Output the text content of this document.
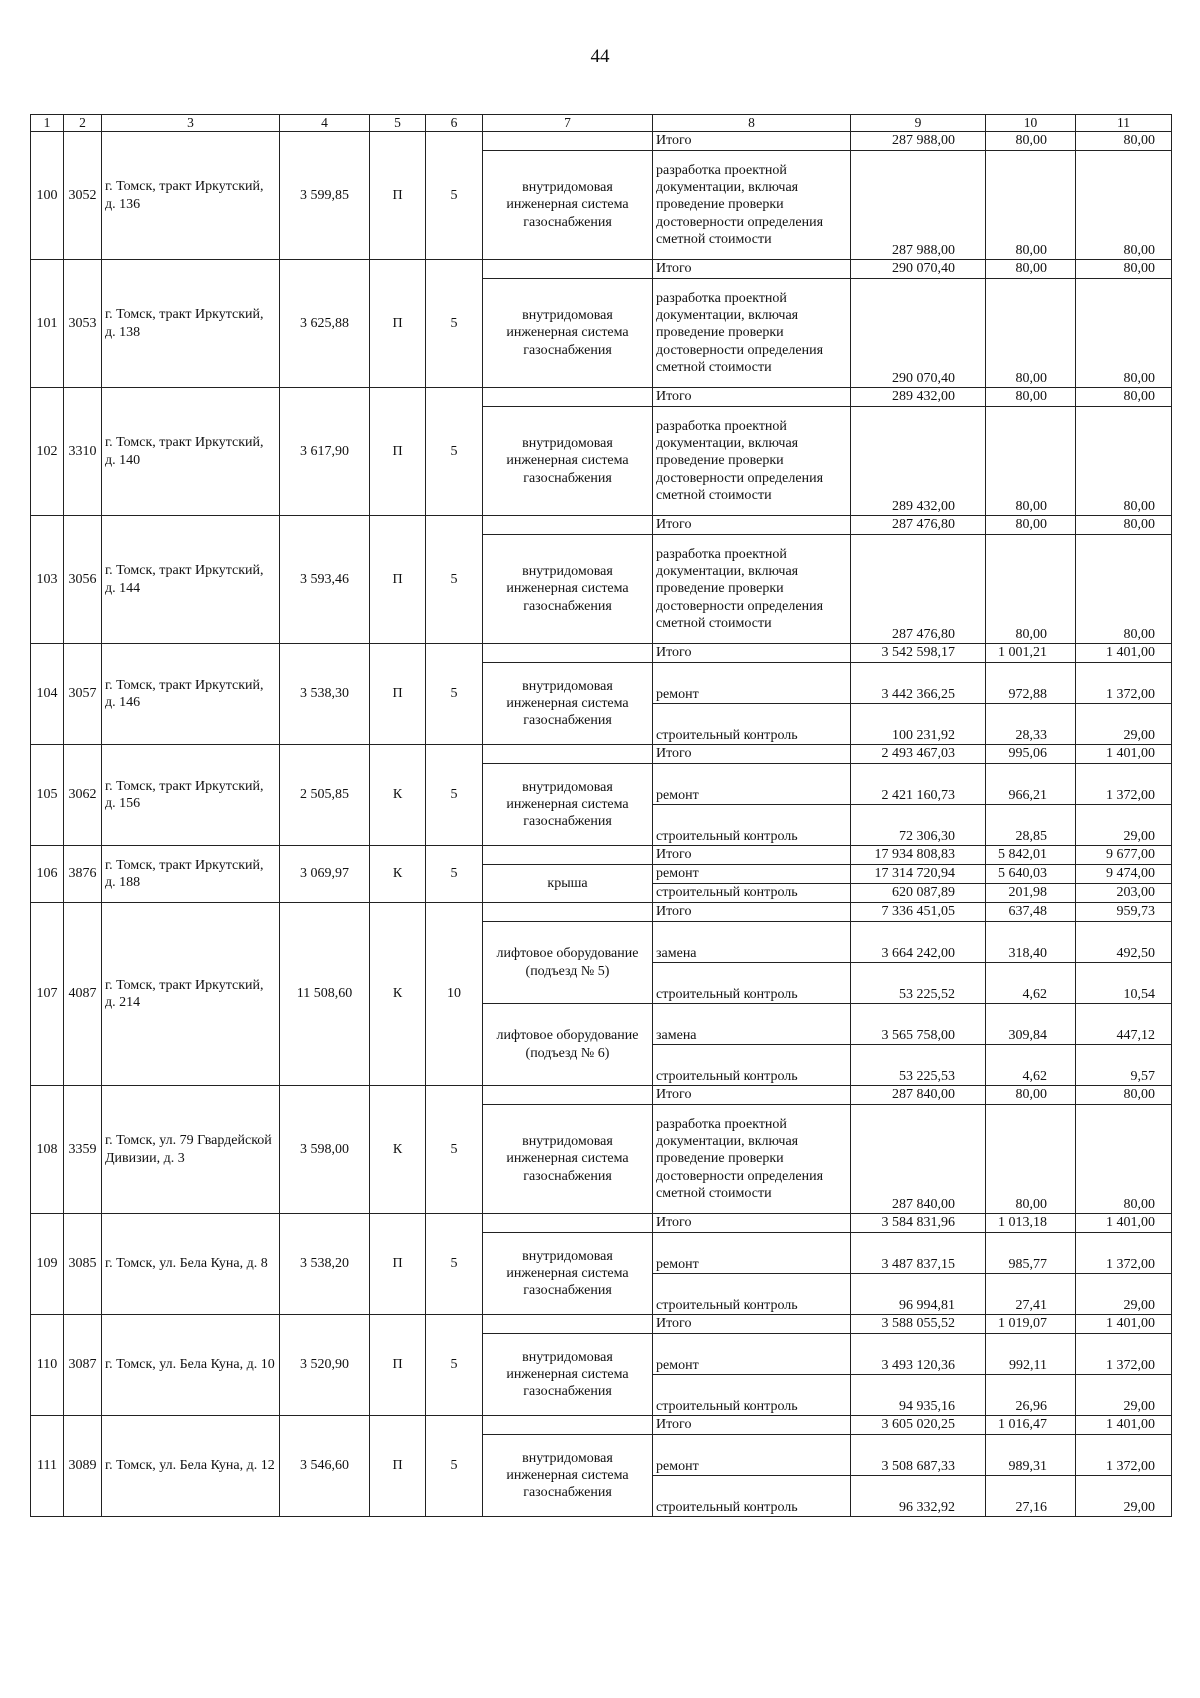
44
1	2	3	4	5	6	7	8	9	10	11
100	3052	г. Томск, тракт Иркутский, д. 136	3 599,85	П	5		Итого	287 988,00	80,00	80,00
						внутридомовая инженерная система газоснабжения	разработка проектной документации, включая проведение проверки достоверности определения сметной стоимости	287 988,00	80,00	80,00
101	3053	г. Томск, тракт Иркутский, д. 138	3 625,88	П	5		Итого	290 070,40	80,00	80,00
						внутридомовая инженерная система газоснабжения	разработка проектной документации, включая проведение проверки достоверности определения сметной стоимости	290 070,40	80,00	80,00
102	3310	г. Томск, тракт Иркутский, д. 140	3 617,90	П	5		Итого	289 432,00	80,00	80,00
						внутридомовая инженерная система газоснабжения	разработка проектной документации, включая проведение проверки достоверности определения сметной стоимости	289 432,00	80,00	80,00
103	3056	г. Томск, тракт Иркутский, д. 144	3 593,46	П	5		Итого	287 476,80	80,00	80,00
						внутридомовая инженерная система газоснабжения	разработка проектной документации, включая проведение проверки достоверности определения сметной стоимости	287 476,80	80,00	80,00
104	3057	г. Томск, тракт Иркутский, д. 146	3 538,30	П	5		Итого	3 542 598,17	1 001,21	1 401,00
						внутридомовая инженерная система газоснабжения	ремонт	3 442 366,25	972,88	1 372,00
							строительный контроль	100 231,92	28,33	29,00
105	3062	г. Томск, тракт Иркутский, д. 156	2 505,85	К	5		Итого	2 493 467,03	995,06	1 401,00
						внутридомовая инженерная система газоснабжения	ремонт	2 421 160,73	966,21	1 372,00
							строительный контроль	72 306,30	28,85	29,00
106	3876	г. Томск, тракт Иркутский, д. 188	3 069,97	К	5		Итого	17 934 808,83	5 842,01	9 677,00
						крыша	ремонт	17 314 720,94	5 640,03	9 474,00
							строительный контроль	620 087,89	201,98	203,00
107	4087	г. Томск, тракт Иркутский, д. 214	11 508,60	К	10		Итого	7 336 451,05	637,48	959,73
						лифтовое оборудование (подъезд № 5)	замена	3 664 242,00	318,40	492,50
							строительный контроль	53 225,52	4,62	10,54
						лифтовое оборудование (подъезд № 6)	замена	3 565 758,00	309,84	447,12
							строительный контроль	53 225,53	4,62	9,57
108	3359	г. Томск, ул. 79 Гвардейской Дивизии, д. 3	3 598,00	К	5		Итого	287 840,00	80,00	80,00
						внутридомовая инженерная система газоснабжения	разработка проектной документации, включая проведение проверки достоверности определения сметной стоимости	287 840,00	80,00	80,00
109	3085	г. Томск, ул. Бела Куна, д. 8	3 538,20	П	5		Итого	3 584 831,96	1 013,18	1 401,00
						внутридомовая инженерная система газоснабжения	ремонт	3 487 837,15	985,77	1 372,00
							строительный контроль	96 994,81	27,41	29,00
110	3087	г. Томск, ул. Бела Куна, д. 10	3 520,90	П	5		Итого	3 588 055,52	1 019,07	1 401,00
						внутридомовая инженерная система газоснабжения	ремонт	3 493 120,36	992,11	1 372,00
							строительный контроль	94 935,16	26,96	29,00
111	3089	г. Томск, ул. Бела Куна, д. 12	3 546,60	П	5		Итого	3 605 020,25	1 016,47	1 401,00
						внутридомовая инженерная система газоснабжения	ремонт	3 508 687,33	989,31	1 372,00
							строительный контроль	96 332,92	27,16	29,00
